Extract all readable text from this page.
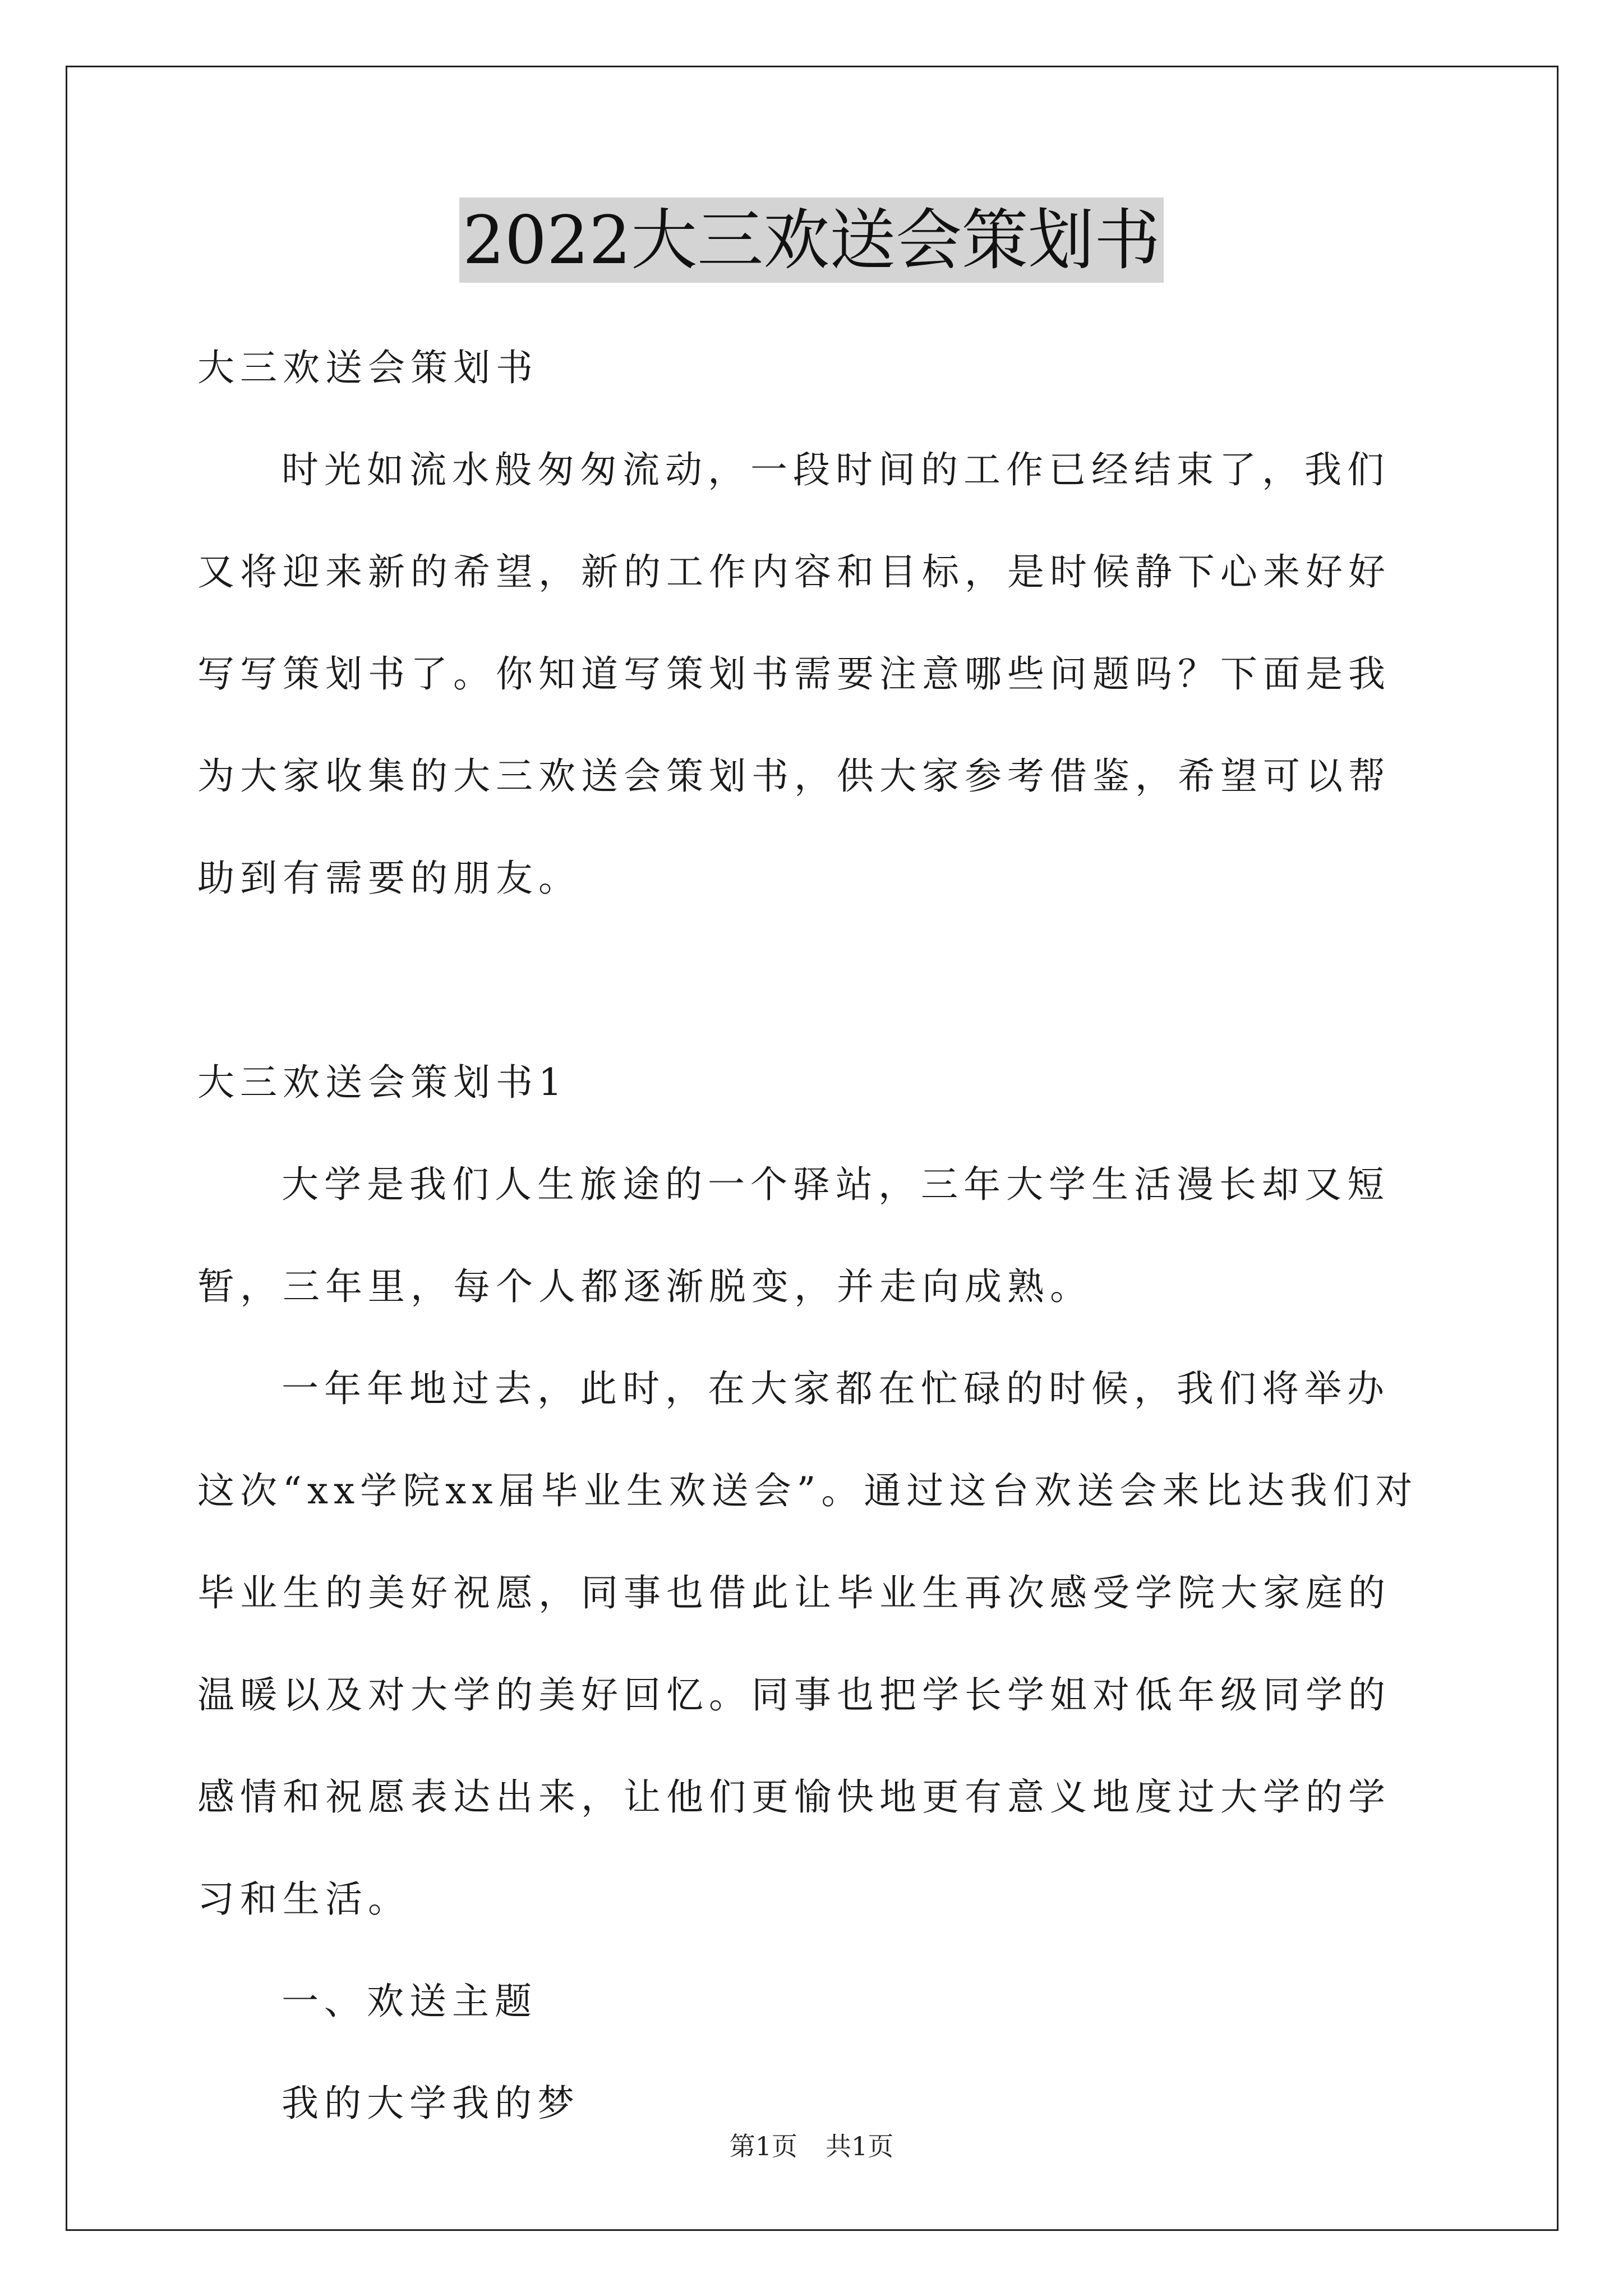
2022大三欢送会策划书

大三欢送会策划书

时光如流水般匆匆流动，一段时间的工作已经结束了，我们又将迎来新的希望，新的工作内容和目标，是时候静下心来好好写写策划书了。你知道写策划书需要注意哪些问题吗？下面是我为大家收集的大三欢送会策划书，供大家参考借鉴，希望可以帮助到有需要的朋友。

大三欢送会策划书1

大学是我们人生旅途的一个驿站，三年大学生活漫长却又短暂，三年里，每个人都逐渐脱变，并走向成熟。

一年年地过去，此时，在大家都在忙碌的时候，我们将举办这次“xx学院xx届毕业生欢送会”。通过这台欢送会来比达我们对毕业生的美好祝愿，同事也借此让毕业生再次感受学院大家庭的温暖以及对大学的美好回忆。同事也把学长学姐对低年级同学的感情和祝愿表达出来，让他们更愉快地更有意义地度过大学的学习和生活。

一、欢送主题

我的大学我的梦

第1页 共1页
